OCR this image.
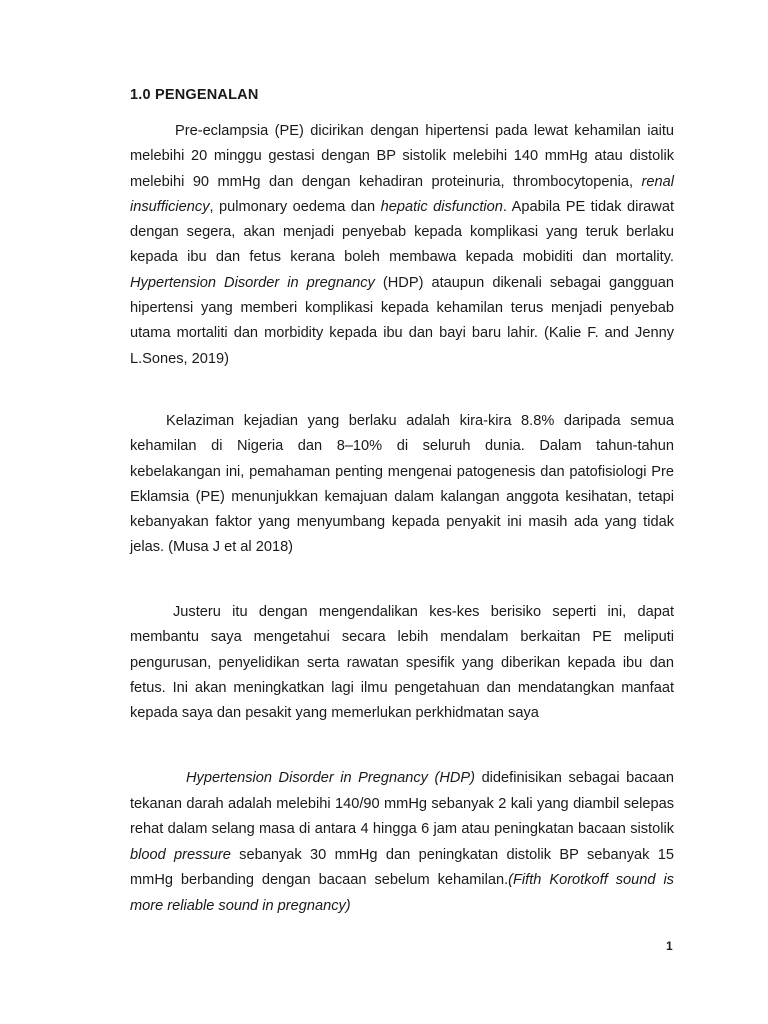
1.0 PENGENALAN

Pre-eclampsia (PE) dicirikan dengan hipertensi pada lewat kehamilan iaitu melebihi 20 minggu gestasi dengan BP sistolik melebihi 140 mmHg atau distolik melebihi 90 mmHg dan dengan kehadiran proteinuria, thrombocytopenia, renal insufficiency, pulmonary oedema dan hepatic disfunction. Apabila PE tidak dirawat dengan segera, akan menjadi penyebab kepada komplikasi yang teruk berlaku kepada ibu dan fetus kerana boleh membawa kepada mobiditi dan mortality. Hypertension Disorder in pregnancy (HDP) ataupun dikenali sebagai gangguan hipertensi yang memberi komplikasi kepada kehamilan terus menjadi penyebab utama mortaliti dan morbidity kepada ibu dan bayi baru lahir. (Kalie F. and Jenny L.Sones, 2019)

Kelaziman kejadian yang berlaku adalah kira-kira 8.8% daripada semua kehamilan di Nigeria dan 8–10% di seluruh dunia. Dalam tahun-tahun kebelakangan ini, pemahaman penting mengenai patogenesis dan patofisiologi Pre Eklamsia (PE) menunjukkan kemajuan dalam kalangan anggota kesihatan, tetapi kebanyakan faktor yang menyumbang kepada penyakit ini masih ada yang tidak jelas. (Musa J et al 2018)

Justeru itu dengan mengendalikan kes-kes berisiko seperti ini, dapat membantu saya mengetahui secara lebih mendalam berkaitan PE meliputi pengurusan, penyelidikan serta rawatan spesifik yang diberikan kepada ibu dan fetus. Ini akan meningkatkan lagi ilmu pengetahuan dan mendatangkan manfaat kepada saya dan pesakit yang memerlukan perkhidmatan saya

Hypertension Disorder in Pregnancy (HDP) didefinisikan sebagai bacaan tekanan darah adalah melebihi 140/90 mmHg sebanyak 2 kali yang diambil selepas rehat dalam selang masa di antara 4 hingga 6 jam atau peningkatan bacaan sistolik blood pressure sebanyak 30 mmHg dan peningkatan distolik BP sebanyak 15 mmHg berbanding dengan bacaan sebelum kehamilan.(Fifth Korotkoff sound is more reliable sound in pregnancy)

1
